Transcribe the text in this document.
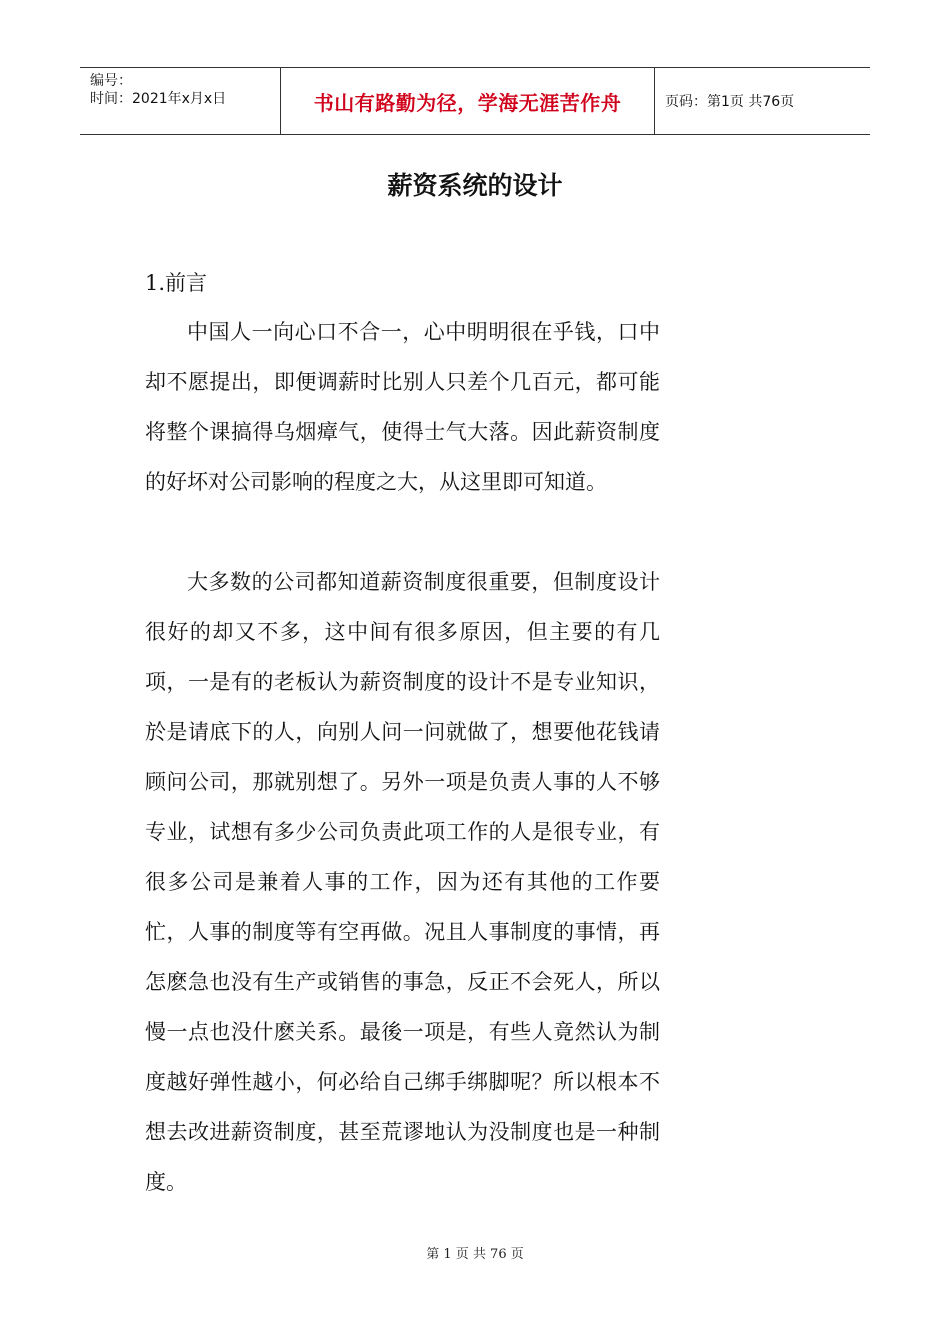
编号：
时间：2021年x月x日	书山有路勤为径，学海无涯苦作舟	页码：第1页 共76页
薪资系统的设计
1.前言

中国人一向心口不合一，心中明明很在乎钱，口中却不愿提出，即便调薪时比别人只差个几百元，都可能将整个课搞得乌烟瘴气，使得士气大落。因此薪资制度的好坏对公司影响的程度之大，从这里即可知道。

大多数的公司都知道薪资制度很重要，但制度设计很好的却又不多，这中间有很多原因，但主要的有几项，一是有的老板认为薪资制度的设计不是专业知识，於是请底下的人，向别人问一问就做了，想要他花钱请顾问公司，那就别想了。另外一项是负责人事的人不够专业，试想有多少公司负责此项工作的人是很专业，有很多公司是兼着人事的工作，因为还有其他的工作要忙，人事的制度等有空再做。况且人事制度的事情，再怎麽急也没有生产或销售的事急，反正不会死人，所以慢一点也没什麽关系。最後一项是，有些人竟然认为制度越好弹性越小，何必给自己绑手绑脚呢？所以根本不想去改进薪资制度，甚至荒谬地认为没制度也是一种制度。

第 1 页 共 76 页
